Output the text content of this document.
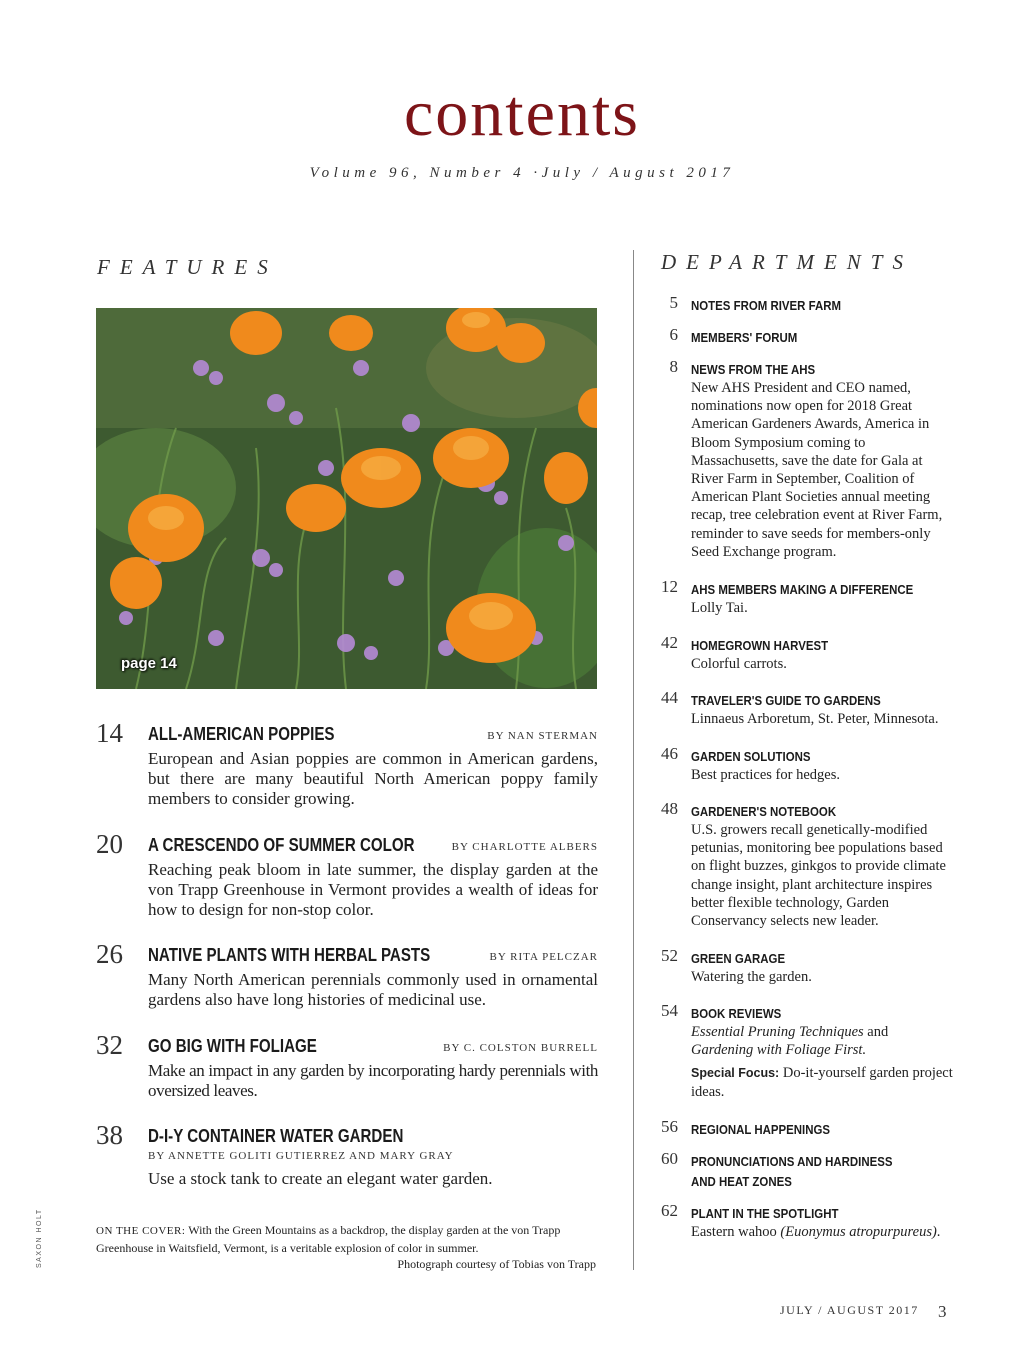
contents
Volume 96, Number 4 ·July / August 2017
FEATURES	DEPARTMENTS
page 14
14 ALL-AMERICAN POPPIES	BY NAN STERMAN
European and Asian poppies are common in American gardens, but there are many beautiful North American poppy family members to consider growing.
20 A CRESCENDO OF SUMMER COLOR	BY CHARLOTTE ALBERS
Reaching peak bloom in late summer, the display garden at the von Trapp Greenhouse in Vermont provides a wealth of ideas for how to design for non-stop color.
26 NATIVE PLANTS WITH HERBAL PASTS	BY RITA PELCZAR
Many North American perennials commonly used in ornamental gardens also have long histories of medicinal use.
32 GO BIG WITH FOLIAGE	BY C. COLSTON BURRELL
Make an impact in any garden by incorporating hardy perennials with oversized leaves.
38 D-I-Y CONTAINER WATER GARDEN
BY ANNETTE GOLITI GUTIERREZ AND MARY GRAY
Use a stock tank to create an elegant water garden.
ON THE COVER: With the Green Mountains as a backdrop, the display garden at the von Trapp Greenhouse in Waitsfield, Vermont, is a veritable explosion of color in summer.
Photograph courtesy of Tobias von Trapp
SAXON HOLT
5 NOTES FROM RIVER FARM
6 MEMBERS' FORUM
8 NEWS FROM THE AHS
New AHS President and CEO named, nominations now open for 2018 Great American Gardeners Awards, America in Bloom Symposium coming to Massachusetts, save the date for Gala at River Farm in September, Coalition of American Plant Societies annual meeting recap, tree celebration event at River Farm, reminder to save seeds for members-only Seed Exchange program.
12 AHS MEMBERS MAKING A DIFFERENCE
Lolly Tai.
42 HOMEGROWN HARVEST
Colorful carrots.
44 TRAVELER'S GUIDE TO GARDENS
Linnaeus Arboretum, St. Peter, Minnesota.
46 GARDEN SOLUTIONS
Best practices for hedges.
48 GARDENER'S NOTEBOOK
U.S. growers recall genetically-modified petunias, monitoring bee populations based on flight buzzes, ginkgos to provide climate change insight, plant architecture inspires better flexible technology, Garden Conservancy selects new leader.
52 GREEN GARAGE
Watering the garden.
54 BOOK REVIEWS
Essential Pruning Techniques and Gardening with Foliage First.
Special Focus: Do-it-yourself garden project ideas.
56 REGIONAL HAPPENINGS
60 PRONUNCIATIONS AND HARDINESS AND HEAT ZONES
62 PLANT IN THE SPOTLIGHT
Eastern wahoo (Euonymus atropurpureus).
JULY / AUGUST 2017 3
